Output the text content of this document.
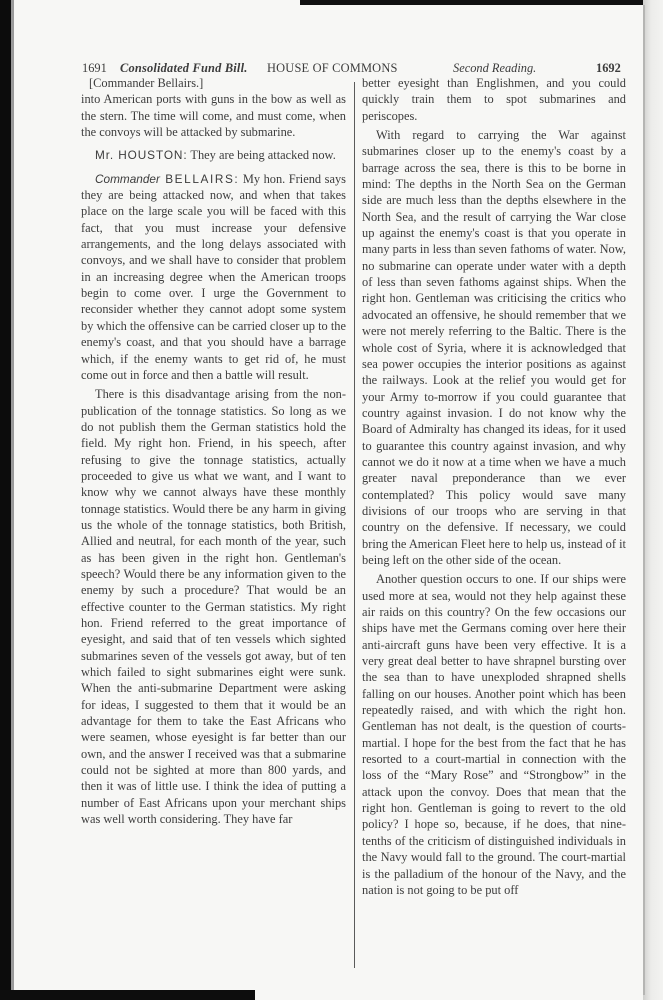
1691 Consolidated Fund Bill. HOUSE OF COMMONS	Second Reading.	1692

[Commander Bellairs.]

into American ports with guns in the bow as well as the stern. The time will come, and must come, when the convoys will be attacked by submarine.

Mr. HOUSTON: They are being attacked now.

Commander BELLAIRS: My hon. Friend says they are being attacked now, and when that takes place on the large scale you will be faced with this fact, that you must increase your defensive arrangements, and the long delays associated with convoys, and we shall have to consider that problem in an increasing degree when the American troops begin to come over. I urge the Government to reconsider whether they cannot adopt some system by which the offensive can be carried closer up to the enemy's coast, and that you should have a barrage which, if the enemy wants to get rid of, he must come out in force and then a battle will result.

There is this disadvantage arising from the non-publication of the tonnage statistics. So long as we do not publish them the German statistics hold the field. My right hon. Friend, in his speech, after refusing to give the tonnage statistics, actually proceeded to give us what we want, and I want to know why we cannot always have these monthly tonnage statistics. Would there be any harm in giving us the whole of the tonnage statistics, both British, Allied and neutral, for each month of the year, such as has been given in the right hon. Gentleman's speech? Would there be any information given to the enemy by such a procedure? That would be an effective counter to the German statistics. My right hon. Friend referred to the great importance of eyesight, and said that of ten vessels which sighted submarines seven of the vessels got away, but of ten which failed to sight submarines eight were sunk. When the anti-submarine Department were asking for ideas, I suggested to them that it would be an advantage for them to take the East Africans who were seamen, whose eyesight is far better than our own, and the answer I received was that a submarine could not be sighted at more than 800 yards, and then it was of little use. I think the idea of putting a number of East Africans upon your merchant ships was well worth considering. They have far

better eyesight than Englishmen, and you could quickly train them to spot submarines and periscopes.

With regard to carrying the War against submarines closer up to the enemy's coast by a barrage across the sea, there is this to be borne in mind: The depths in the North Sea on the German side are much less than the depths elsewhere in the North Sea, and the result of carrying the War close up against the enemy's coast is that you operate in many parts in less than seven fathoms of water. Now, no submarine can operate under water with a depth of less than seven fathoms against ships. When the right hon. Gentleman was criticising the critics who advocated an offensive, he should remember that we were not merely referring to the Baltic. There is the whole cost of Syria, where it is acknowledged that sea power occupies the interior positions as against the railways. Look at the relief you would get for your Army to-morrow if you could guarantee that country against invasion. I do not know why the Board of Admiralty has changed its ideas, for it used to guarantee this country against invasion, and why cannot we do it now at a time when we have a much greater naval preponderance than we ever contemplated? This policy would save many divisions of our troops who are serving in that country on the defensive. If necessary, we could bring the American Fleet here to help us, instead of it being left on the other side of the ocean.

Another question occurs to one. If our ships were used more at sea, would not they help against these air raids on this country? On the few occasions our ships have met the Germans coming over here their anti-aircraft guns have been very effective. It is a very great deal better to have shrapnel bursting over the sea than to have unexploded shrapned shells falling on our houses. Another point which has been repeatedly raised, and with which the right hon. Gentleman has not dealt, is the question of courts-martial. I hope for the best from the fact that he has resorted to a court-martial in connection with the loss of the “Mary Rose” and “Strongbow” in the attack upon the convoy. Does that mean that the right hon. Gentleman is going to revert to the old policy? I hope so, because, if he does, that nine-tenths of the criticism of distinguished individuals in the Navy would fall to the ground. The court-martial is the palladium of the honour of the Navy, and the nation is not going to be put off
